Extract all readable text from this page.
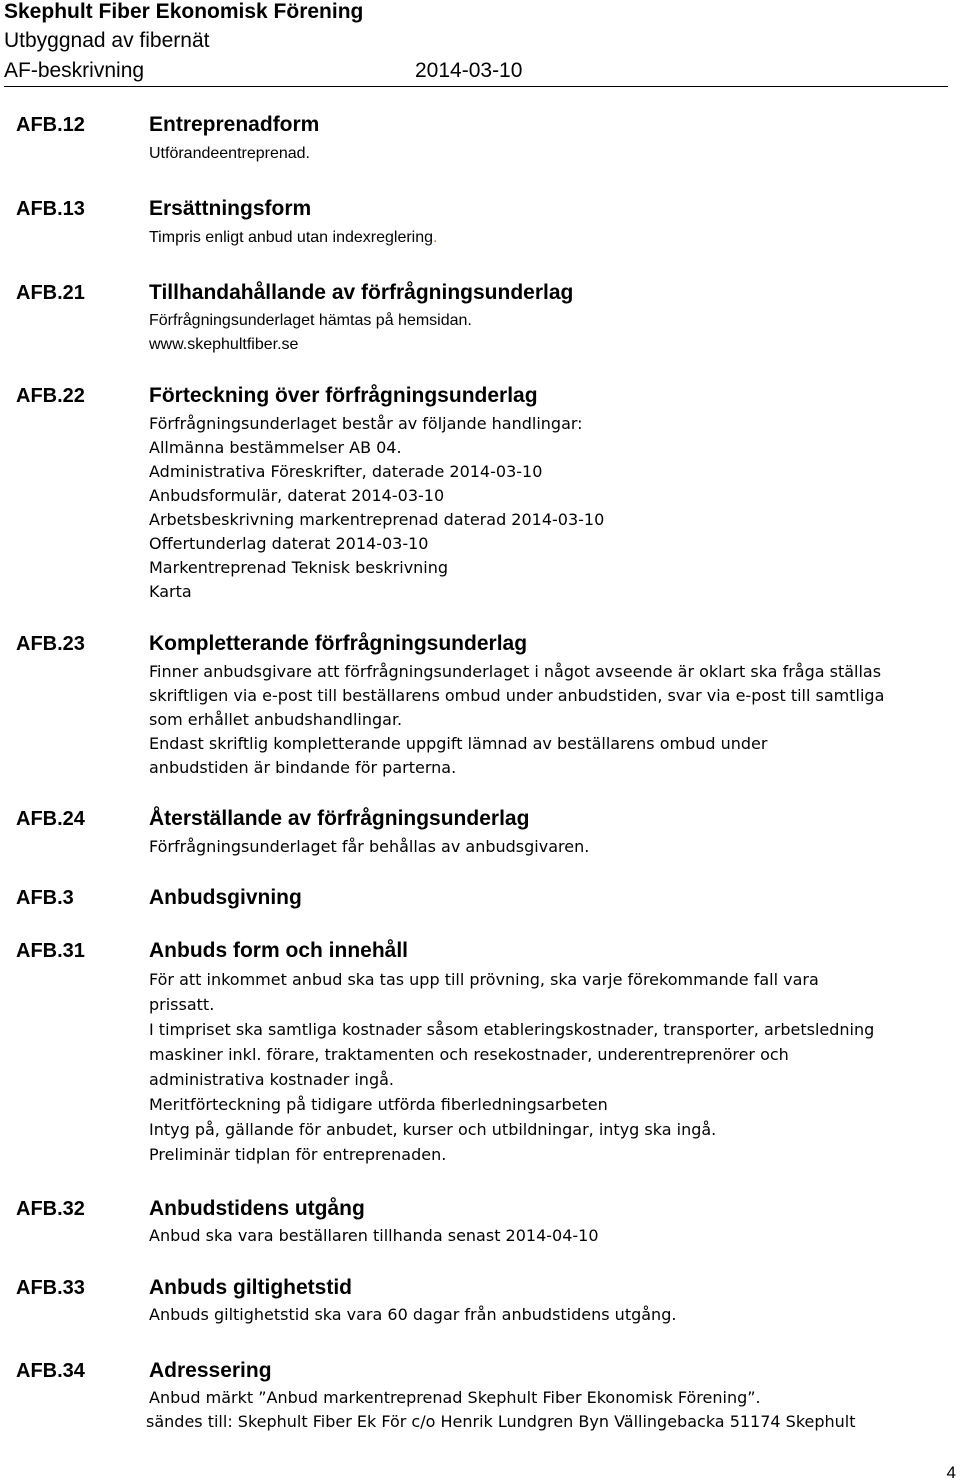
Skephult Fiber Ekonomisk Förening
Utbyggnad av fibernät
AF-beskrivning	2014-03-10
AFB.12	Entreprenadform
Utförandeentreprenad.
AFB.13	Ersättningsform
Timpris enligt anbud utan indexreglering.
AFB.21	Tillhandahållande av förfrågningsunderlag
Förfrågningsunderlaget hämtas på hemsidan.
www.skephultfiber.se
AFB.22	Förteckning över förfrågningsunderlag
Förfrågningsunderlaget består av följande handlingar:
Allmänna bestämmelser AB 04.
Administrativa Föreskrifter, daterade 2014-03-10
Anbudsformulär, daterat 2014-03-10
Arbetsbeskrivning markentreprenad daterad 2014-03-10
Offertunderlag daterat 2014-03-10
Markentreprenad Teknisk beskrivning
Karta
AFB.23	Kompletterande förfrågningsunderlag
Finner anbudsgivare att förfrågningsunderlaget i något avseende är oklart ska fråga ställas
skriftligen via e-post till beställarens ombud under anbudstiden, svar via e-post till samtliga
som erhållet anbudshandlingar.
Endast skriftlig kompletterande uppgift lämnad av beställarens ombud under
anbudstiden är bindande för parterna.
AFB.24	Återställande av förfrågningsunderlag
Förfrågningsunderlaget får behållas av anbudsgivaren.
AFB.3	Anbudsgivning
AFB.31	Anbuds form och innehåll
För att inkommet anbud ska tas upp till prövning, ska varje förekommande fall vara
prissatt.
I timpriset ska samtliga kostnader såsom etableringskostnader, transporter, arbetsledning
maskiner inkl. förare, traktamenten och resekostnader, underentreprenörer och
administrativa kostnader ingå.
Meritförteckning på tidigare utförda fiberledningsarbeten
Intyg på, gällande för anbudet, kurser och utbildningar, intyg ska ingå.
Preliminär tidplan för entreprenaden.
AFB.32	Anbudstidens utgång
Anbud ska vara beställaren tillhanda senast 2014-04-10
AFB.33	Anbuds giltighetstid
Anbuds giltighetstid ska vara 60 dagar från anbudstidens utgång.
AFB.34	Adressering
Anbud märkt ”Anbud markentreprenad Skephult Fiber Ekonomisk Förening”.
sändes till: Skephult Fiber Ek För c/o Henrik Lundgren Byn Vällingebacka 51174 Skephult
4
